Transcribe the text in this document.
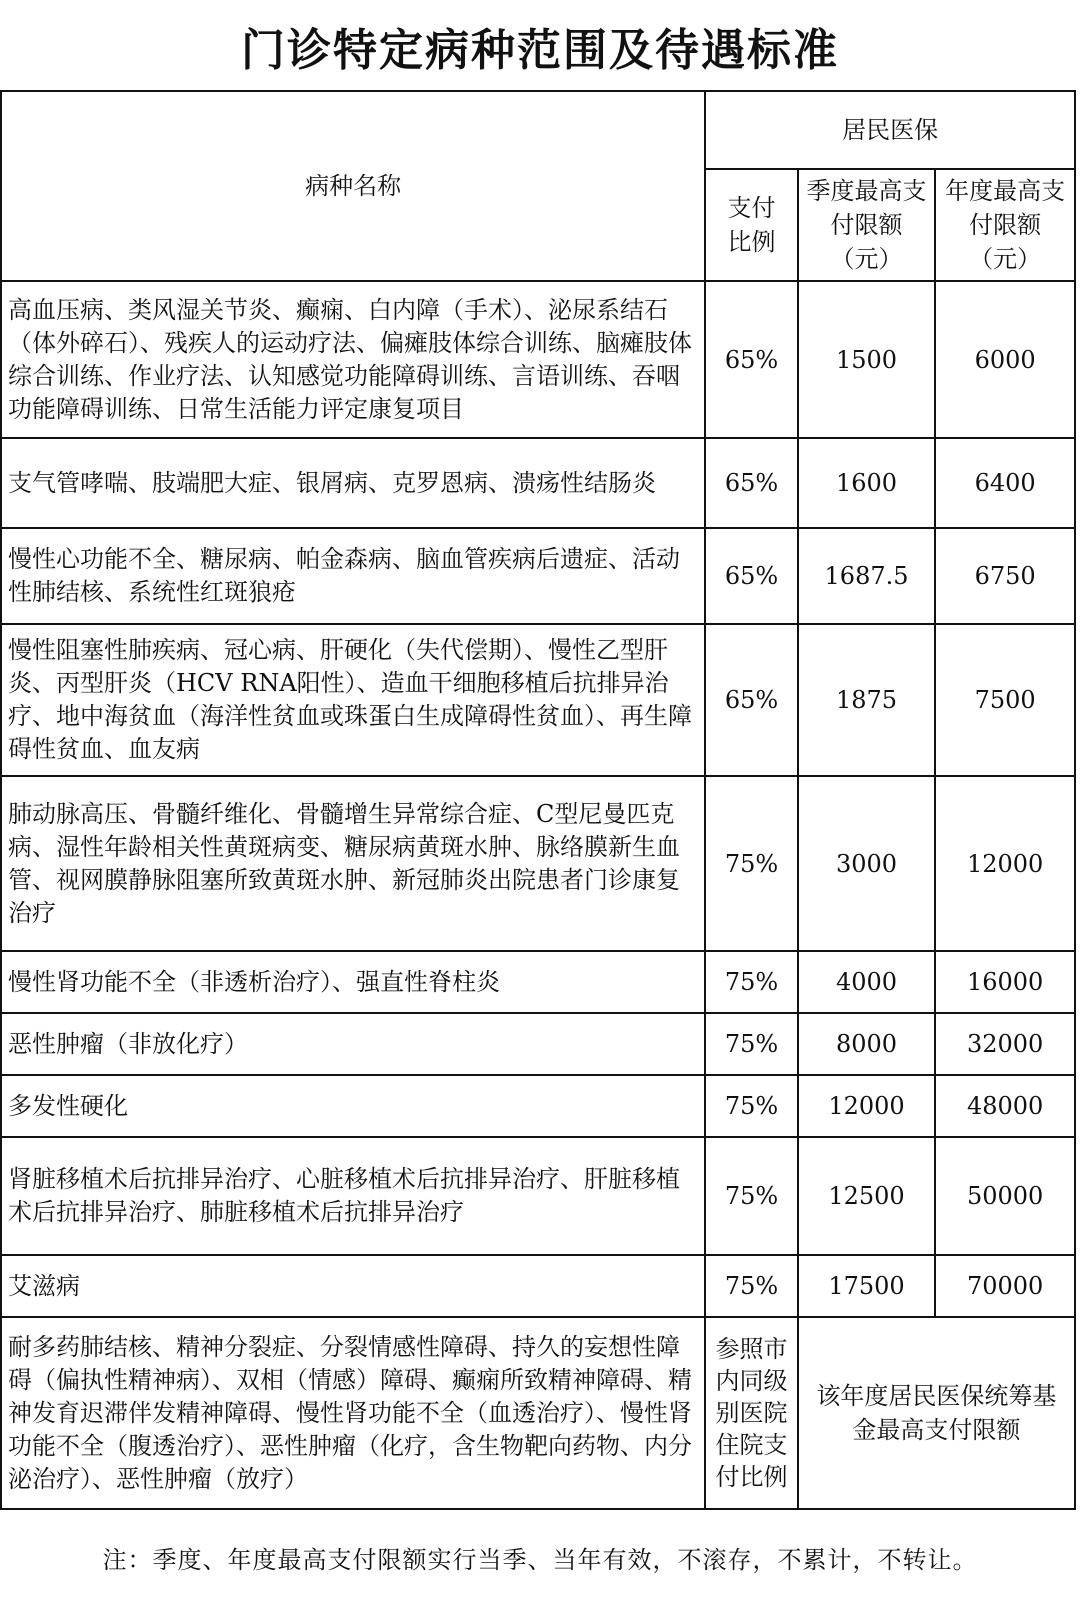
门诊特定病种范围及待遇标准
病种名称	居民医保		
	支付比例	季度最高支付限额（元）	年度最高支付限额（元）
高血压病、类风湿关节炎、癫痫、白内障（手术）、泌尿系结石（体外碎石）、残疾人的运动疗法、偏瘫肢体综合训练、脑瘫肢体综合训练、作业疗法、认知感觉功能障碍训练、言语训练、吞咽功能障碍训练、日常生活能力评定康复项目	65%	1500	6000
支气管哮喘、肢端肥大症、银屑病、克罗恩病、溃疡性结肠炎	65%	1600	6400
慢性心功能不全、糖尿病、帕金森病、脑血管疾病后遗症、活动性肺结核、系统性红斑狼疮	65%	1687.5	6750
慢性阻塞性肺疾病、冠心病、肝硬化（失代偿期）、慢性乙型肝炎、丙型肝炎（HCV RNA阳性）、造血干细胞移植后抗排异治疗、地中海贫血（海洋性贫血或珠蛋白生成障碍性贫血）、再生障碍性贫血、血友病	65%	1875	7500
肺动脉高压、骨髓纤维化、骨髓增生异常综合症、C型尼曼匹克病、湿性年龄相关性黄斑病变、糖尿病黄斑水肿、脉络膜新生血管、视网膜静脉阻塞所致黄斑水肿、新冠肺炎出院患者门诊康复治疗	75%	3000	12000
慢性肾功能不全（非透析治疗）、强直性脊柱炎	75%	4000	16000
恶性肿瘤（非放化疗）	75%	8000	32000
多发性硬化	75%	12000	48000
肾脏移植术后抗排异治疗、心脏移植术后抗排异治疗、肝脏移植术后抗排异治疗、肺脏移植术后抗排异治疗	75%	12500	50000
艾滋病	75%	17500	70000
耐多药肺结核、精神分裂症、分裂情感性障碍、持久的妄想性障碍（偏执性精神病）、双相（情感）障碍、癫痫所致精神障碍、精神发育迟滞伴发精神障碍、慢性肾功能不全（血透治疗）、慢性肾功能不全（腹透治疗）、恶性肿瘤（化疗，含生物靶向药物、内分泌治疗）、恶性肿瘤（放疗）	参照市内同级别医院住院支付比例	该年度居民医保统筹基金最高支付限额	
注：季度、年度最高支付限额实行当季、当年有效，不滚存，不累计，不转让。
